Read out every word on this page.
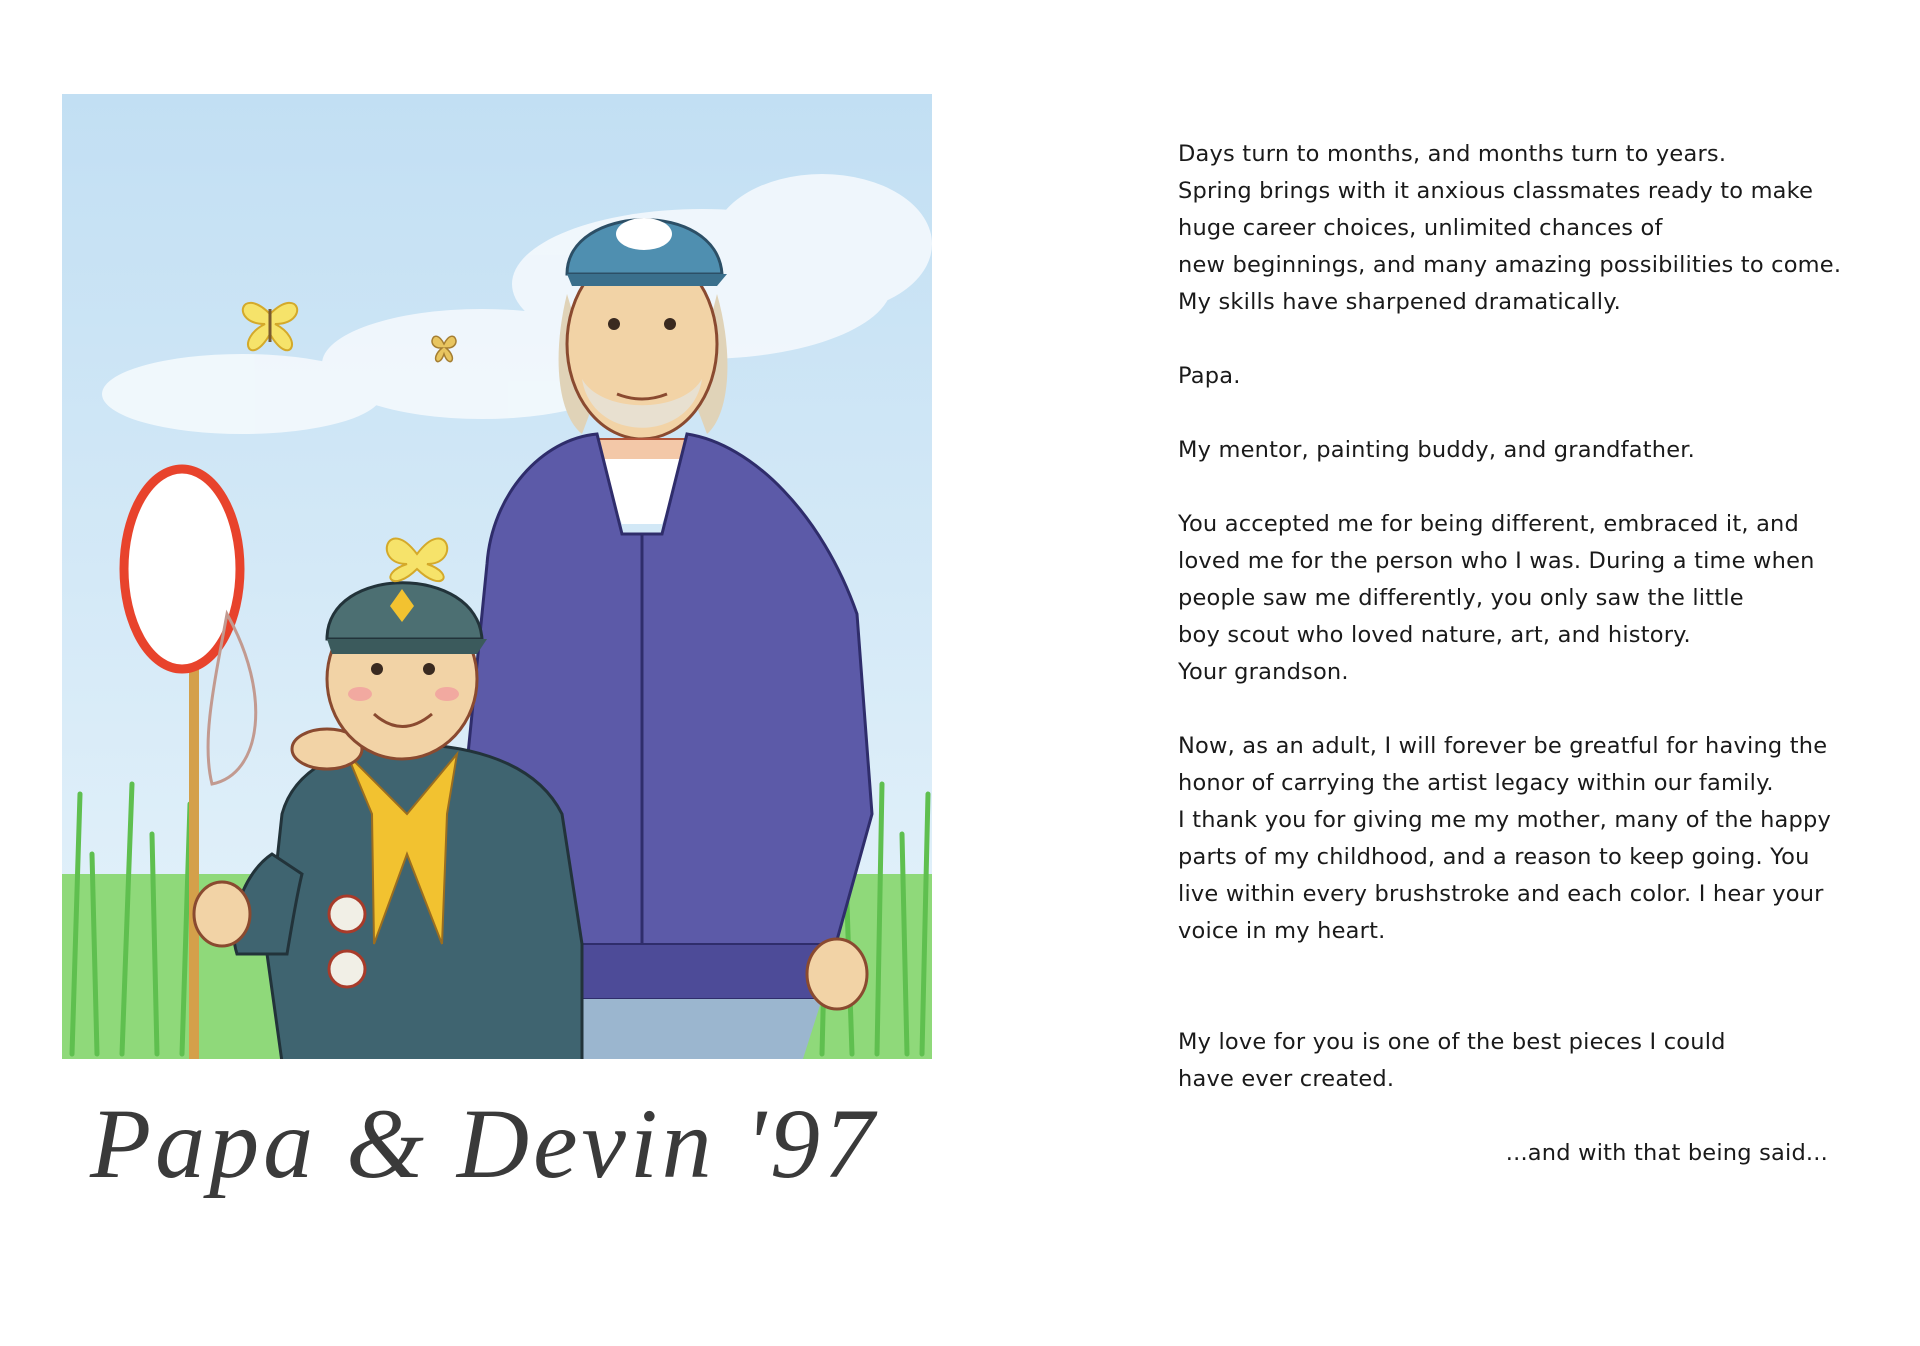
Papa & Devin '97

Days turn to months, and months turn to years.
Spring brings with it anxious classmates ready to make
huge career choices, unlimited chances of
new beginnings, and many amazing possibilities to come.
My skills have sharpened dramatically.

Papa.

My mentor, painting buddy, and grandfather.

You accepted me for being different, embraced it, and
loved me for the person who I was. During a time when
people saw me differently, you only saw the little
boy scout who loved nature, art, and history.
Your grandson.

Now, as an adult, I will forever be greatful for having the
honor of carrying the artist legacy within our family.
I thank you for giving me my mother, many of the happy
parts of my childhood, and a reason to keep going. You
live within every brushstroke and each color. I hear your
voice in my heart.

My love for you is one of the best pieces I could
have ever created.

...and with that being said...
